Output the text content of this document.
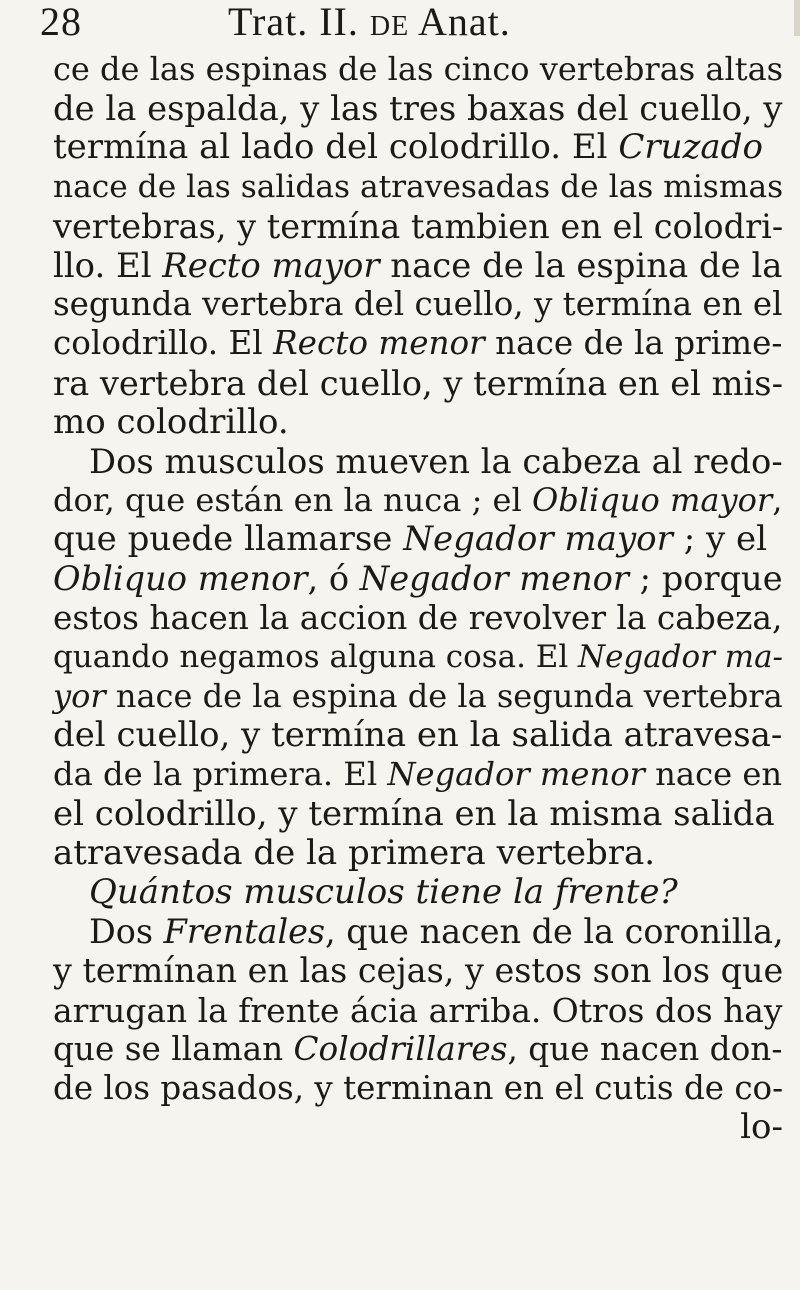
28	Trat. II. de Anat.
ce de las espinas de las cinco vertebras altas
de la espalda, y las tres baxas del cuello, y
termína al lado del colodrillo. El Cruzado
nace de las salidas atravesadas de las mismas
vertebras, y termína tambien en el colodri-
llo. El Recto mayor nace de la espina de la
segunda vertebra del cuello, y termína en el
colodrillo. El Recto menor nace de la prime-
ra vertebra del cuello, y termína en el mis-
mo colodrillo.
Dos musculos mueven la cabeza al redo-
dor, que están en la nuca ; el Obliquo mayor,
que puede llamarse Negador mayor ; y el
Obliquo menor, ó Negador menor ; porque
estos hacen la accion de revolver la cabeza,
quando negamos alguna cosa. El Negador ma-
yor nace de la espina de la segunda vertebra
del cuello, y termína en la salida atravesa-
da de la primera. El Negador menor nace en
el colodrillo, y termína en la misma salida
atravesada de la primera vertebra.
Quántos musculos tiene la frente?
Dos Frentales, que nacen de la coronilla,
y termínan en las cejas, y estos son los que
arrugan la frente ácia arriba. Otros dos hay
que se llaman Colodrillares, que nacen don-
de los pasados, y terminan en el cutis de co-
lo-
